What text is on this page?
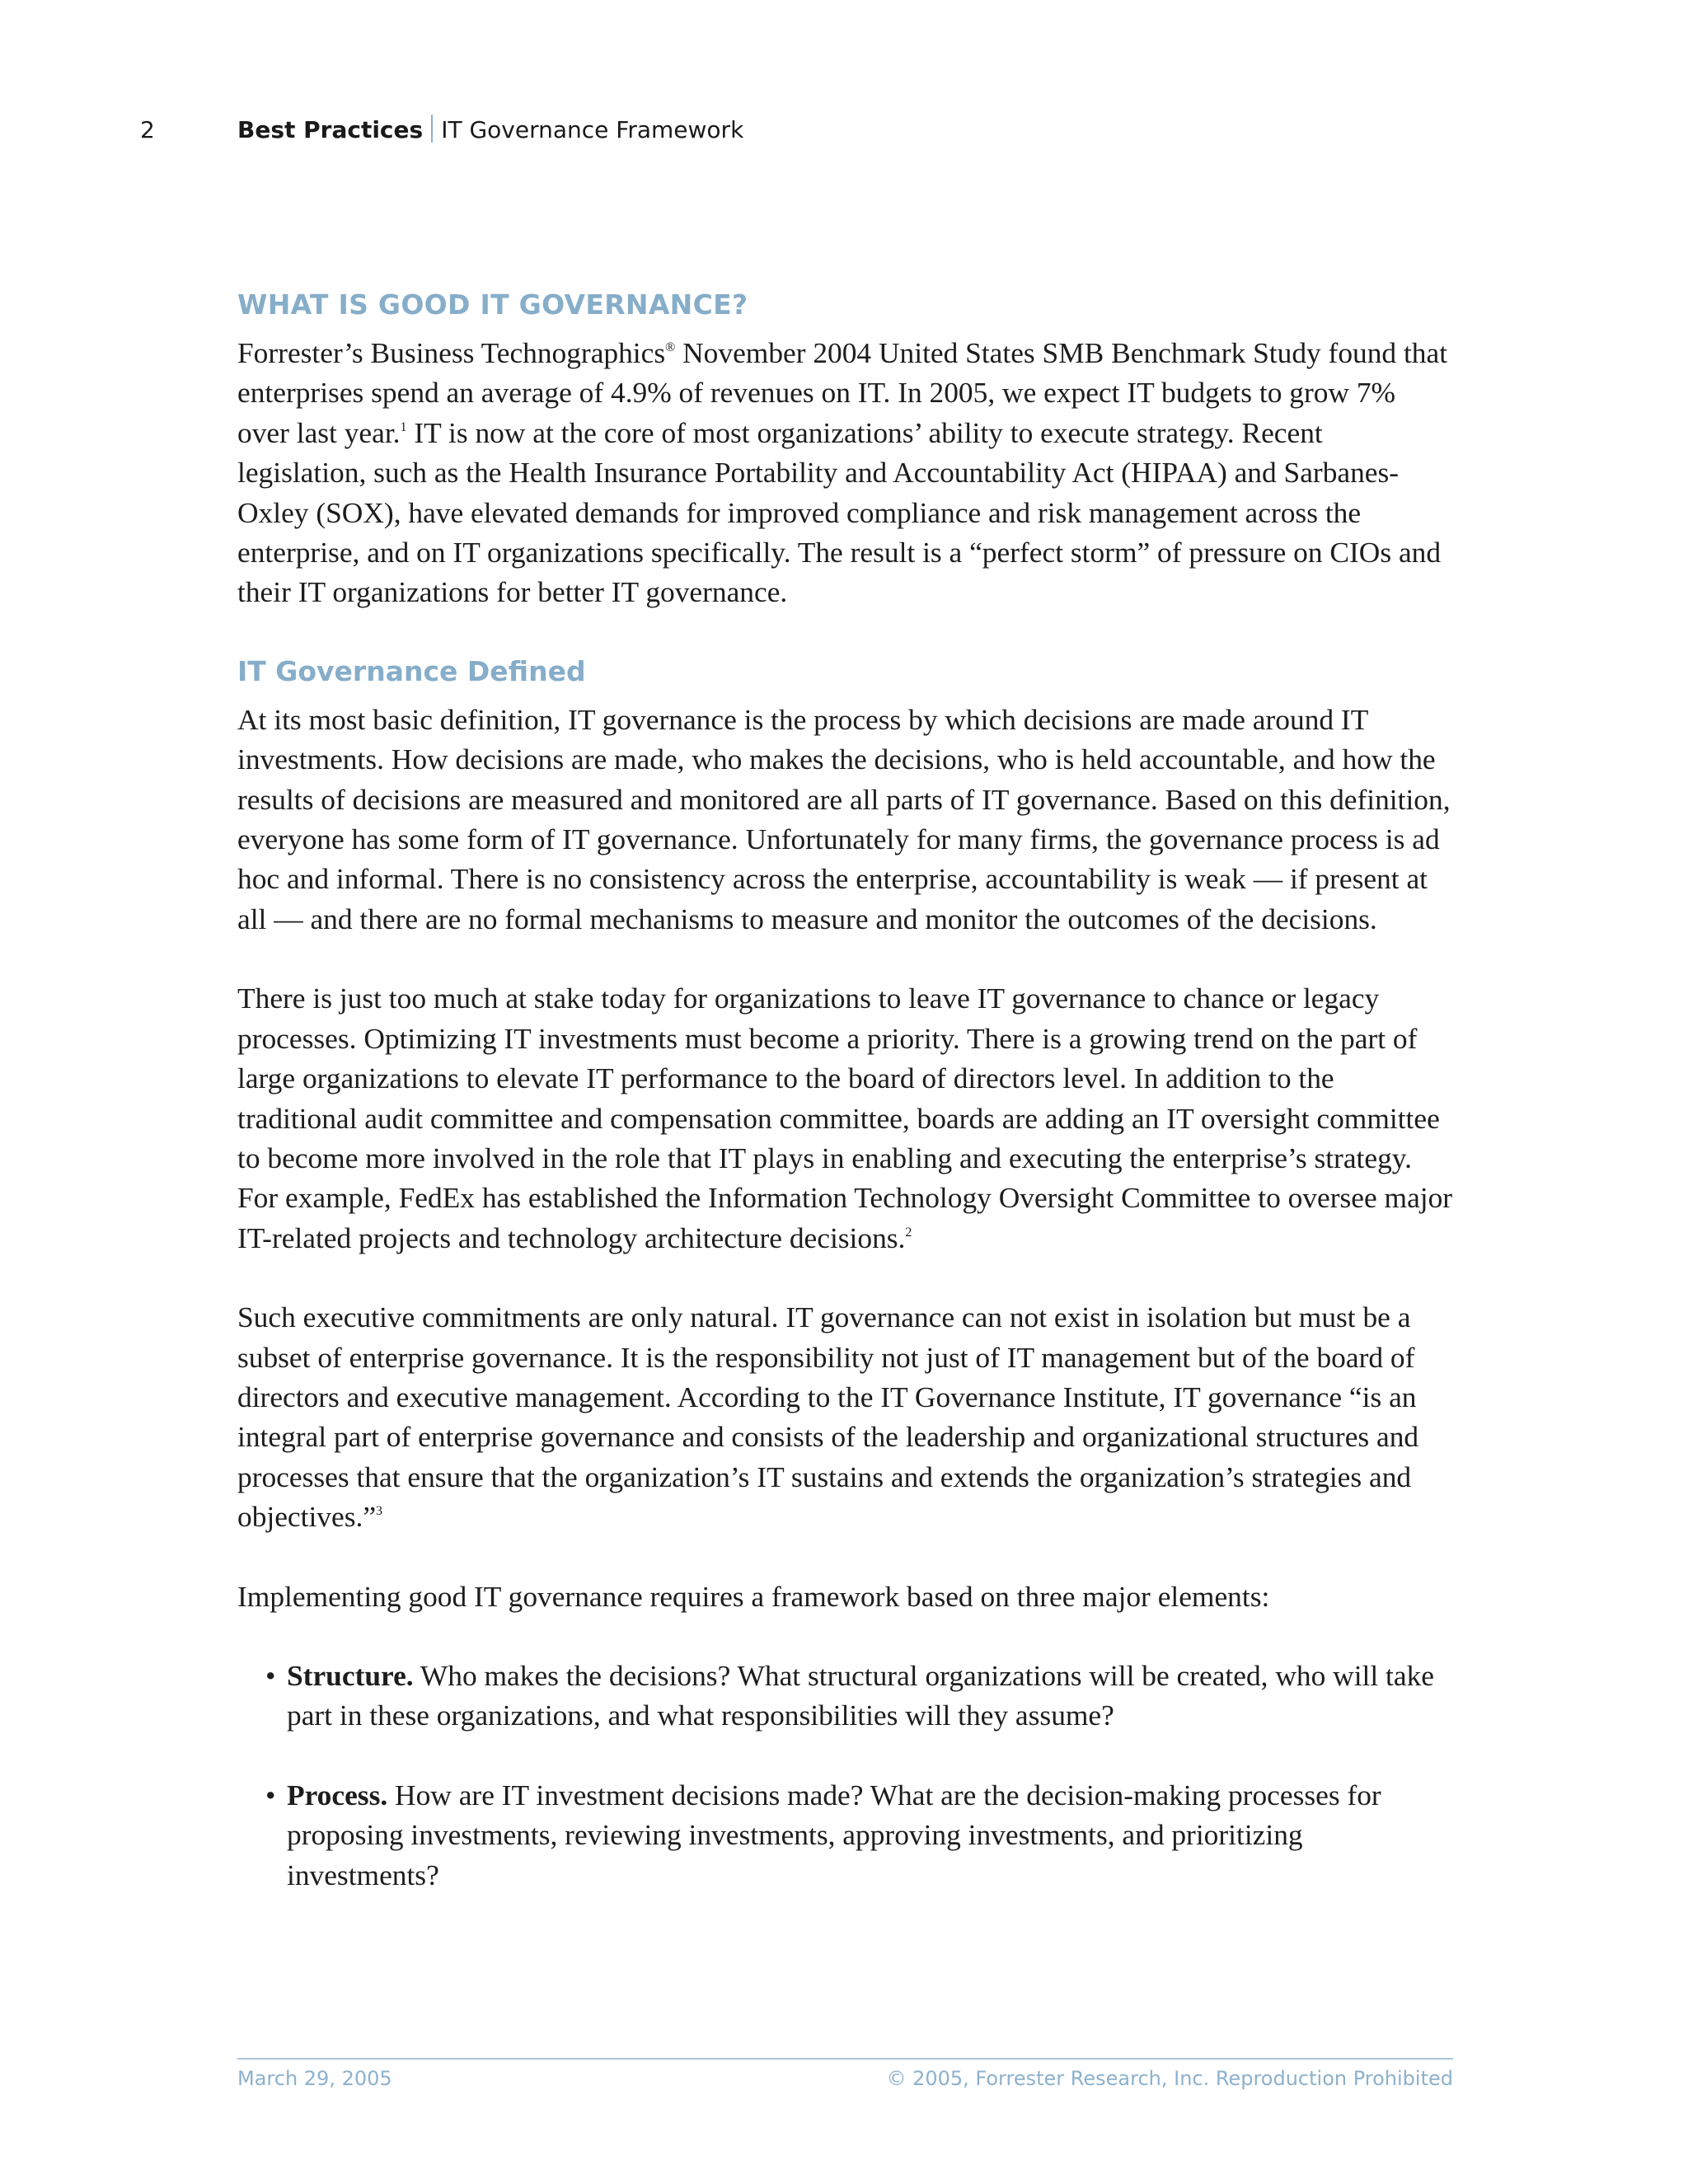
2	Best Practices IT Governance Framework
WHAT IS GOOD IT GOVERNANCE?

Forrester’s Business Technographics® November 2004 United States SMB Benchmark Study found that enterprises spend an average of 4.9% of revenues on IT. In 2005, we expect IT budgets to grow 7% over last year.$^1$ IT is now at the core of most organizations’ ability to execute strategy. Recent legislation, such as the Health Insurance Portability and Accountability Act (HIPAA) and Sarbanes-Oxley (SOX), have elevated demands for improved compliance and risk management across the enterprise, and on IT organizations specifically. The result is a “perfect storm” of pressure on CIOs and their IT organizations for better IT governance.

IT Governance Defined

At its most basic definition, IT governance is the process by which decisions are made around IT investments. How decisions are made, who makes the decisions, who is held accountable, and how the results of decisions are measured and monitored are all parts of IT governance. Based on this definition, everyone has some form of IT governance. Unfortunately for many firms, the governance process is ad hoc and informal. There is no consistency across the enterprise, accountability is weak — if present at all — and there are no formal mechanisms to measure and monitor the outcomes of the decisions.

There is just too much at stake today for organizations to leave IT governance to chance or legacy processes. Optimizing IT investments must become a priority. There is a growing trend on the part of large organizations to elevate IT performance to the board of directors level. In addition to the traditional audit committee and compensation committee, boards are adding an IT oversight committee to become more involved in the role that IT plays in enabling and executing the enterprise’s strategy. For example, FedEx has established the Information Technology Oversight Committee to oversee major IT-related projects and technology architecture decisions.$^2$

Such executive commitments are only natural. IT governance can not exist in isolation but must be a subset of enterprise governance. It is the responsibility not just of IT management but of the board of directors and executive management. According to the IT Governance Institute, IT governance “is an integral part of enterprise governance and consists of the leadership and organizational structures and processes that ensure that the organization’s IT sustains and extends the organization’s strategies and objectives.”$^3$

Implementing good IT governance requires a framework based on three major elements:

• Structure. Who makes the decisions? What structural organizations will be created, who will take part in these organizations, and what responsibilities will they assume?
• Process. How are IT investment decisions made? What are the decision-making processes for proposing investments, reviewing investments, approving investments, and prioritizing investments?
March 29, 2005	© 2005, Forrester Research, Inc. Reproduction Prohibited
